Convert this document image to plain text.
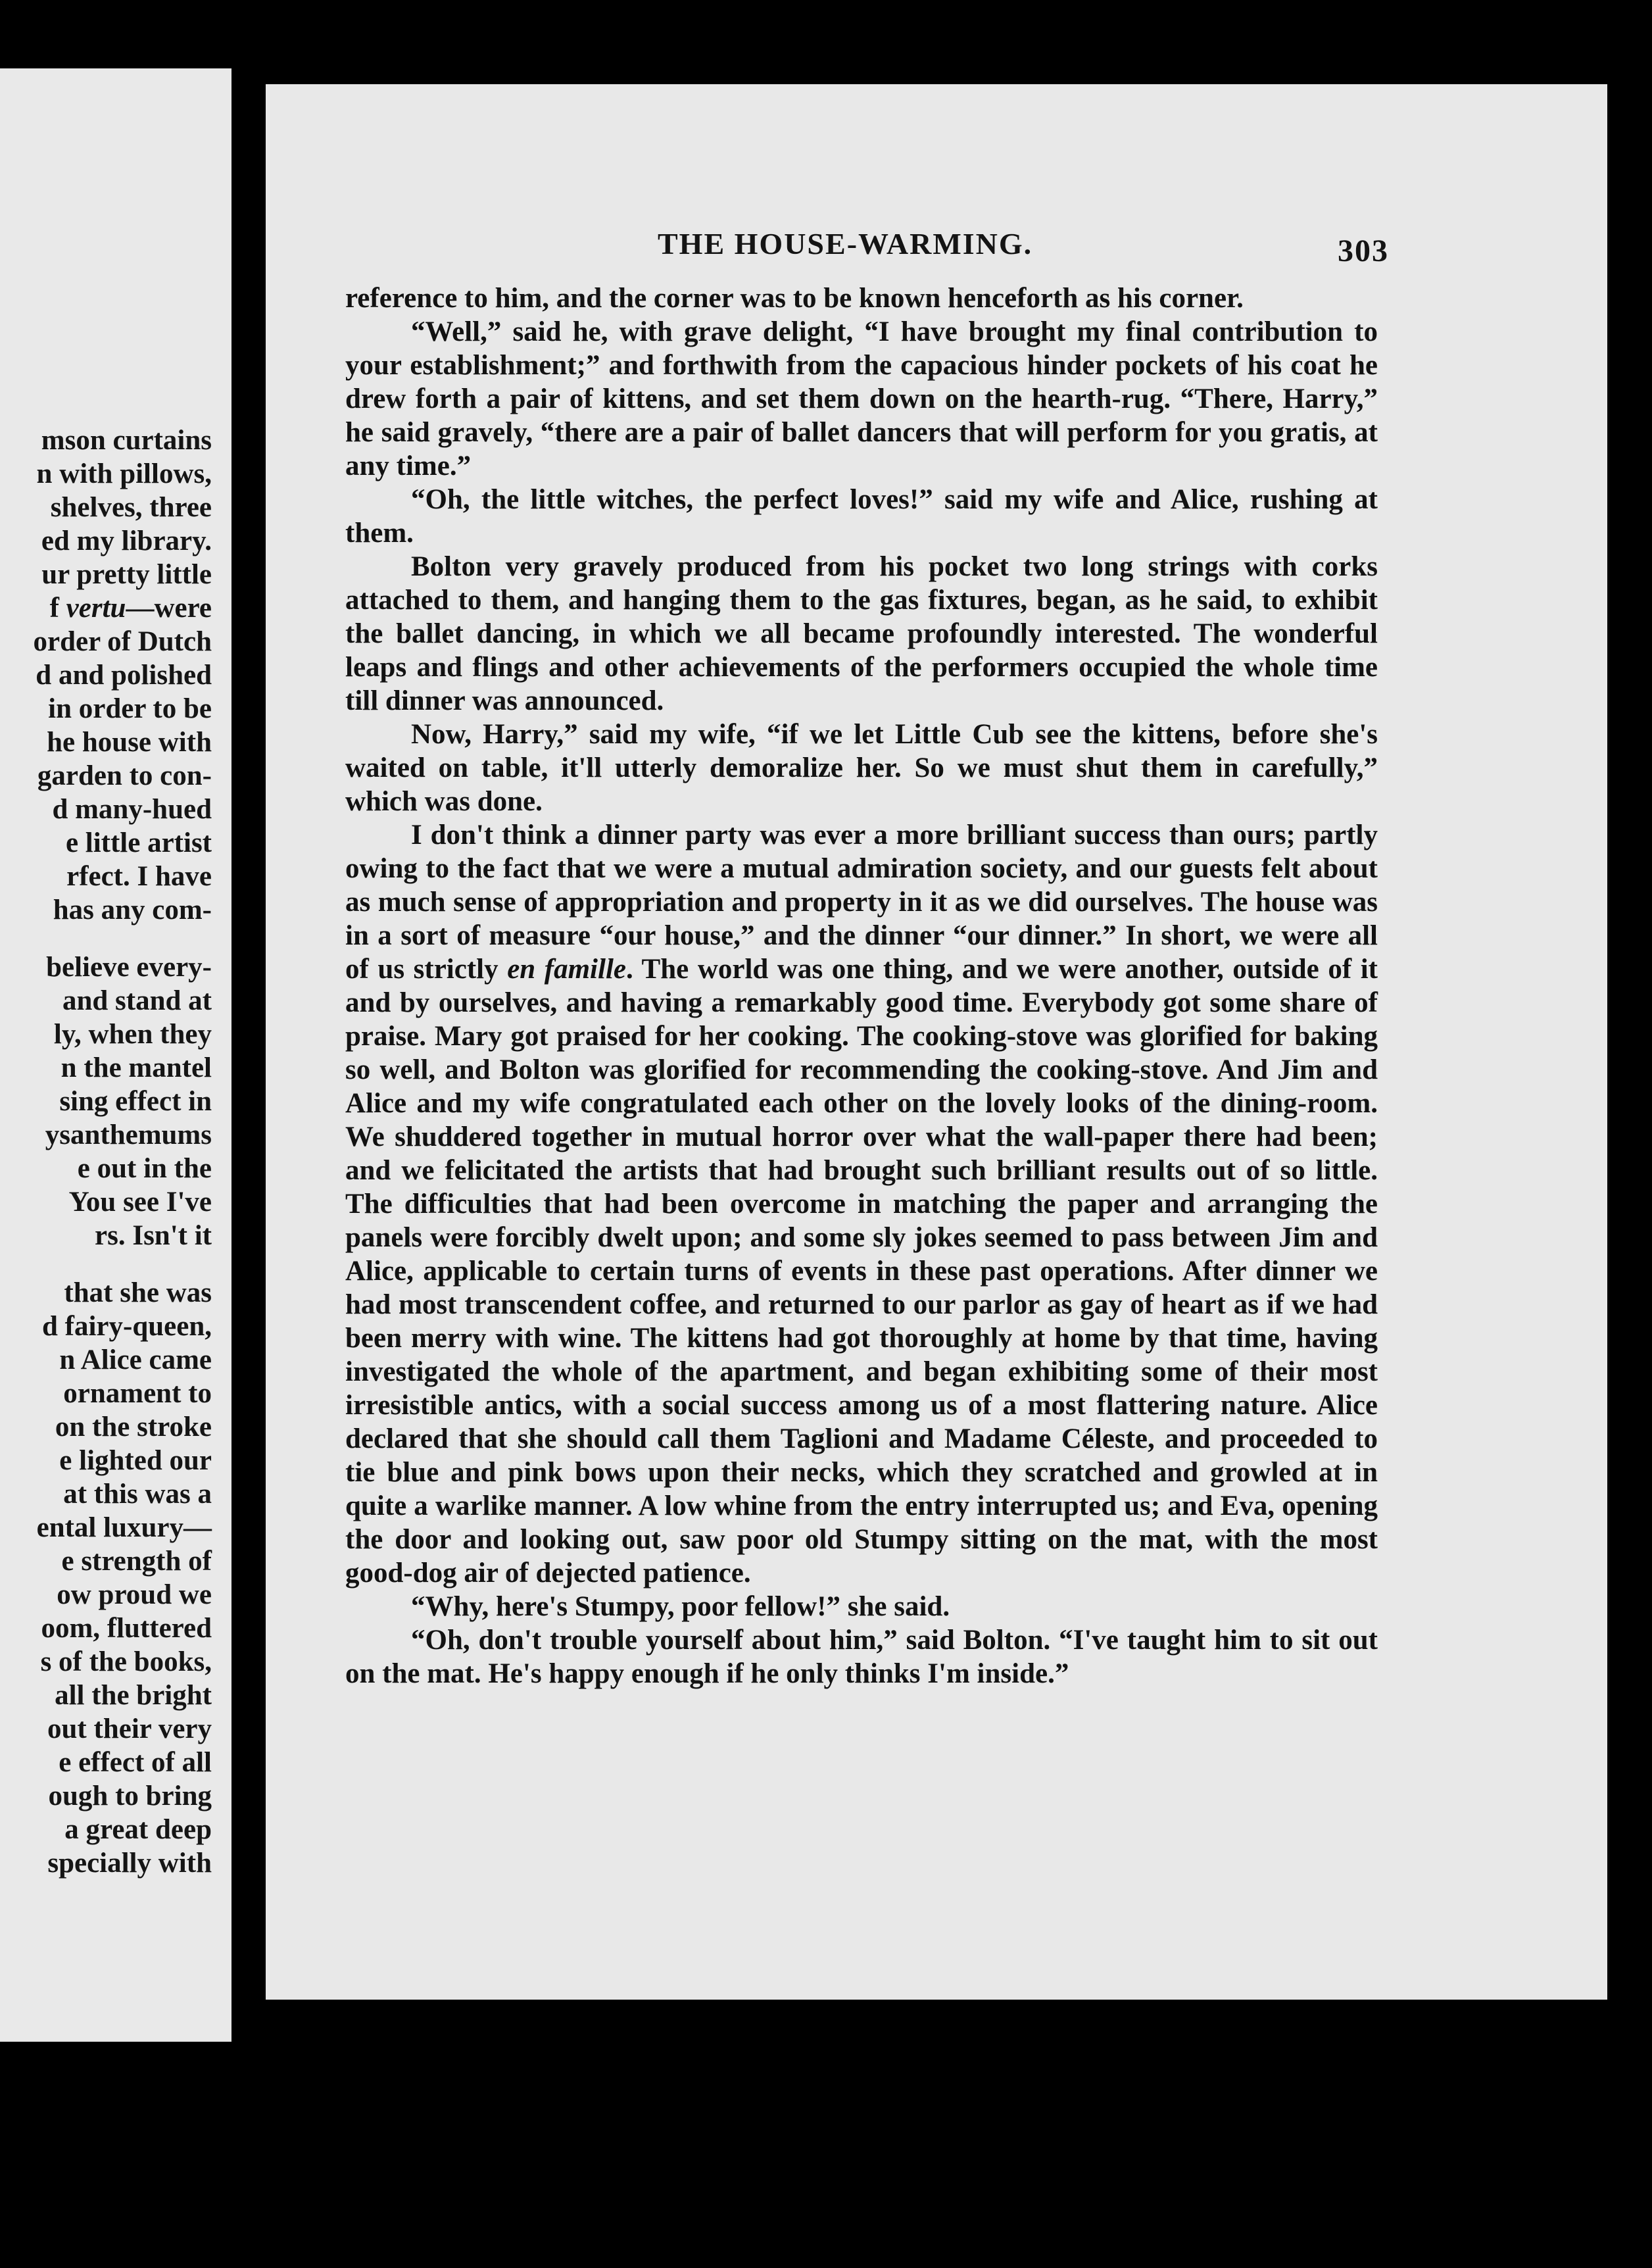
mson curtains
n with pillows,
shelves, three
ed my library.
ur pretty little
f vertu—were
order of Dutch
d and polished
in order to be
he house with
garden to con-
d many-hued
e little artist
rfect. I have
has any com-
believe every-
and stand at
ly, when they
n the mantel
sing effect in
ysanthemums
e out in the
You see I've
rs. Isn't it
that she was
d fairy-queen,
n Alice came
ornament to
on the stroke
e lighted our
at this was a
ental luxury—
e strength of
ow proud we
oom, fluttered
s of the books,
all the bright
out their very
e effect of all
ough to bring
a great deep
specially with
THE HOUSE-WARMING.	303

reference to him, and the corner was to be known henceforth as his corner.

“Well,” said he, with grave delight, “I have brought my final contribution to your establishment;” and forthwith from the capacious hinder pockets of his coat he drew forth a pair of kittens, and set them down on the hearth-rug. “There, Harry,” he said gravely, “there are a pair of ballet dancers that will perform for you gratis, at any time.”

“Oh, the little witches, the perfect loves!” said my wife and Alice, rushing at them.

Bolton very gravely produced from his pocket two long strings with corks attached to them, and hanging them to the gas fixtures, began, as he said, to exhibit the ballet dancing, in which we all became profoundly interested. The wonderful leaps and flings and other achievements of the performers occupied the whole time till dinner was announced.

Now, Harry,” said my wife, “if we let Little Cub see the kittens, before she's waited on table, it'll utterly demoralize her. So we must shut them in carefully,” which was done.

I don't think a dinner party was ever a more brilliant success than ours; partly owing to the fact that we were a mutual admiration society, and our guests felt about as much sense of appropriation and property in it as we did ourselves. The house was in a sort of measure “our house,” and the dinner “our dinner.” In short, we were all of us strictly en famille. The world was one thing, and we were another, outside of it and by ourselves, and having a remarkably good time. Everybody got some share of praise. Mary got praised for her cooking. The cooking-stove was glorified for baking so well, and Bolton was glorified for recommending the cooking-stove. And Jim and Alice and my wife congratulated each other on the lovely looks of the dining-room. We shuddered together in mutual horror over what the wall-paper there had been; and we felicitated the artists that had brought such brilliant results out of so little. The difficulties that had been overcome in matching the paper and arranging the panels were forcibly dwelt upon; and some sly jokes seemed to pass between Jim and Alice, applicable to certain turns of events in these past operations. After dinner we had most transcendent coffee, and returned to our parlor as gay of heart as if we had been merry with wine. The kittens had got thoroughly at home by that time, having investigated the whole of the apartment, and began exhibiting some of their most irresistible antics, with a social success among us of a most flattering nature. Alice declared that she should call them Taglioni and Madame Céleste, and proceeded to tie blue and pink bows upon their necks, which they scratched and growled at in quite a warlike manner. A low whine from the entry interrupted us; and Eva, opening the door and looking out, saw poor old Stumpy sitting on the mat, with the most good-dog air of dejected patience.

“Why, here's Stumpy, poor fellow!” she said.

“Oh, don't trouble yourself about him,” said Bolton. “I've taught him to sit out on the mat. He's happy enough if he only thinks I'm inside.”
